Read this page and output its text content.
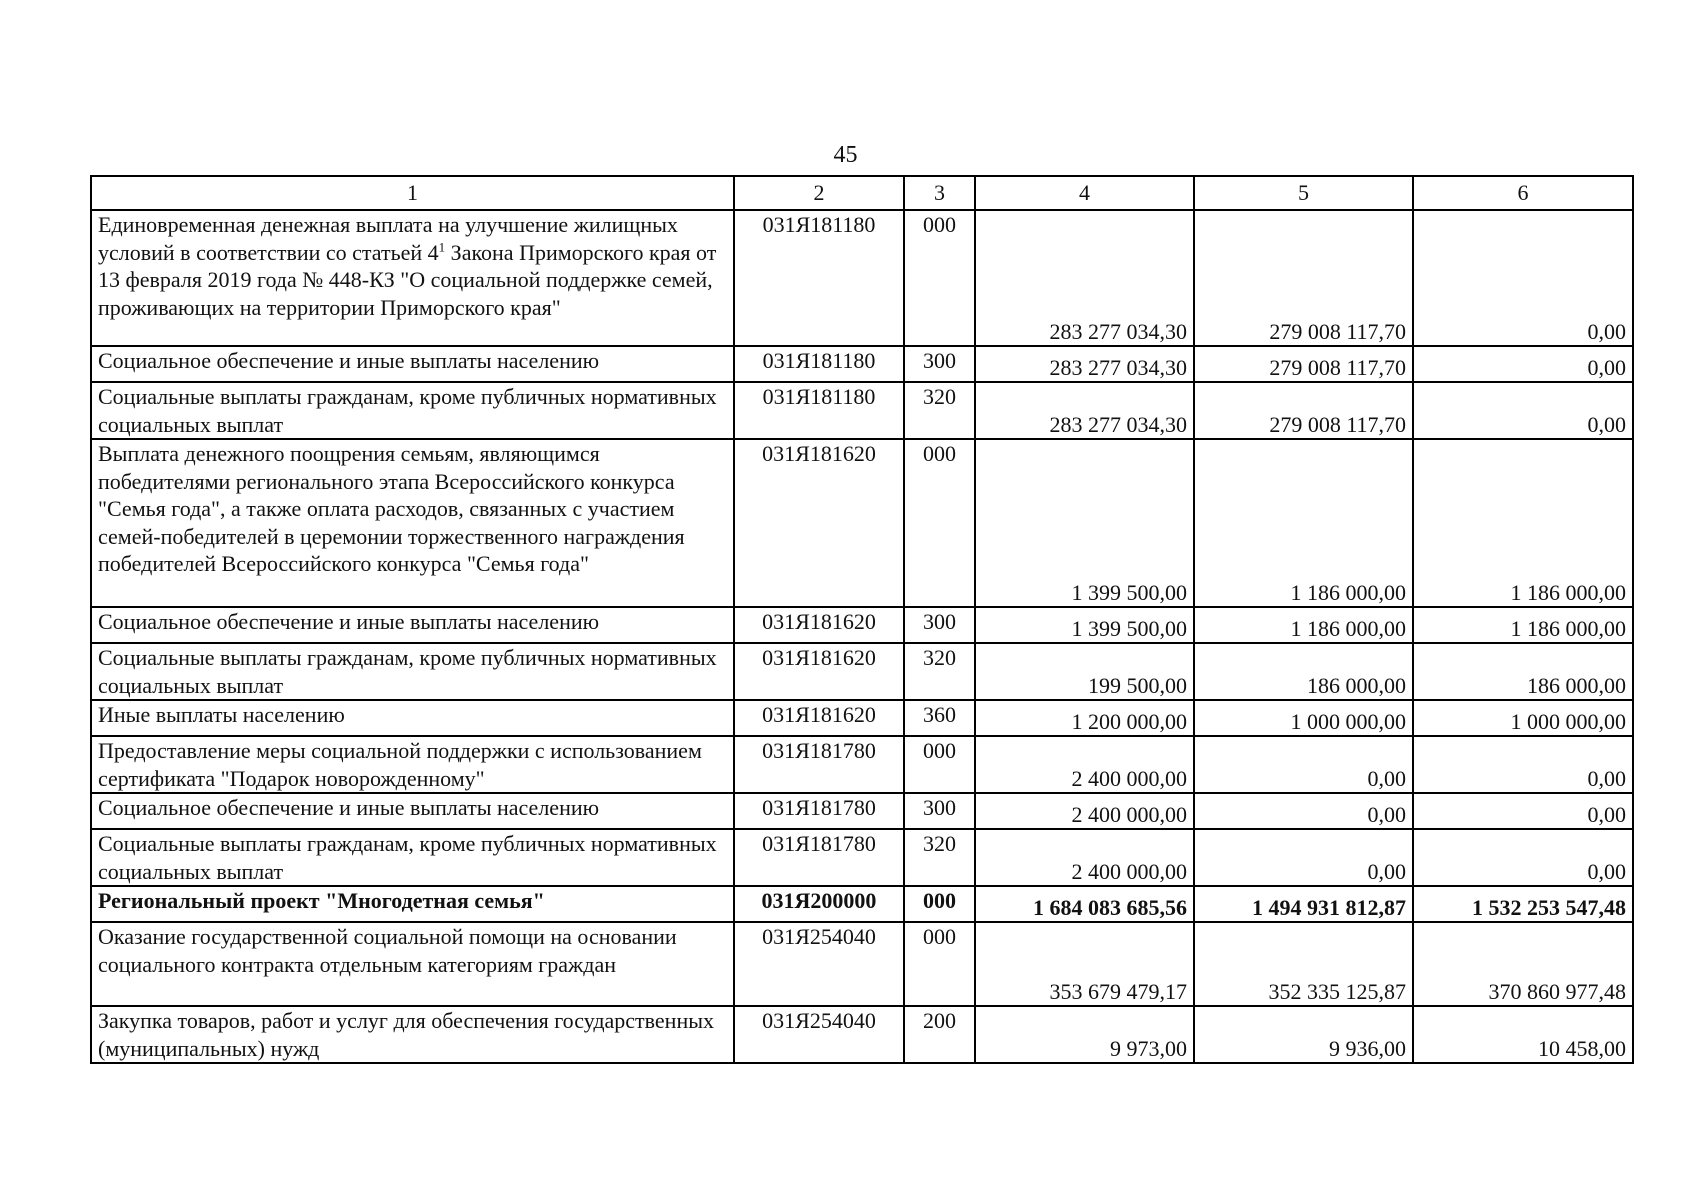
45
1	2	3	4	5	6
Единовременная денежная выплата на улучшение жилищных условий в соответствии со статьей $4^1$ Закона Приморского края от 13 февраля 2019 года № 448-КЗ "О социальной поддержке семей, проживающих на территории Приморского края"	031Я181180	000	283 277 034,30	279 008 117,70	0,00
Социальное обеспечение и иные выплаты населению	031Я181180	300	283 277 034,30	279 008 117,70	0,00
Социальные выплаты гражданам, кроме публичных нормативных социальных выплат	031Я181180	320	283 277 034,30	279 008 117,70	0,00
Выплата денежного поощрения семьям, являющимся победителями регионального этапа Всероссийского конкурса "Семья года", а также оплата расходов, связанных с участием семей-победителей в церемонии торжественного награждения победителей Всероссийского конкурса "Семья года"	031Я181620	000	1 399 500,00	1 186 000,00	1 186 000,00
Социальное обеспечение и иные выплаты населению	031Я181620	300	1 399 500,00	1 186 000,00	1 186 000,00
Социальные выплаты гражданам, кроме публичных нормативных социальных выплат	031Я181620	320	199 500,00	186 000,00	186 000,00
Иные выплаты населению	031Я181620	360	1 200 000,00	1 000 000,00	1 000 000,00
Предоставление меры социальной поддержки с использованием сертификата "Подарок новорожденному"	031Я181780	000	2 400 000,00	0,00	0,00
Социальное обеспечение и иные выплаты населению	031Я181780	300	2 400 000,00	0,00	0,00
Социальные выплаты гражданам, кроме публичных нормативных социальных выплат	031Я181780	320	2 400 000,00	0,00	0,00
Региональный проект "Многодетная семья"	031Я200000	000	1 684 083 685,56	1 494 931 812,87	1 532 253 547,48
Оказание государственной социальной помощи на основании социального контракта отдельным категориям граждан	031Я254040	000	353 679 479,17	352 335 125,87	370 860 977,48
Закупка товаров, работ и услуг для обеспечения государственных (муниципальных) нужд	031Я254040	200	9 973,00	9 936,00	10 458,00
